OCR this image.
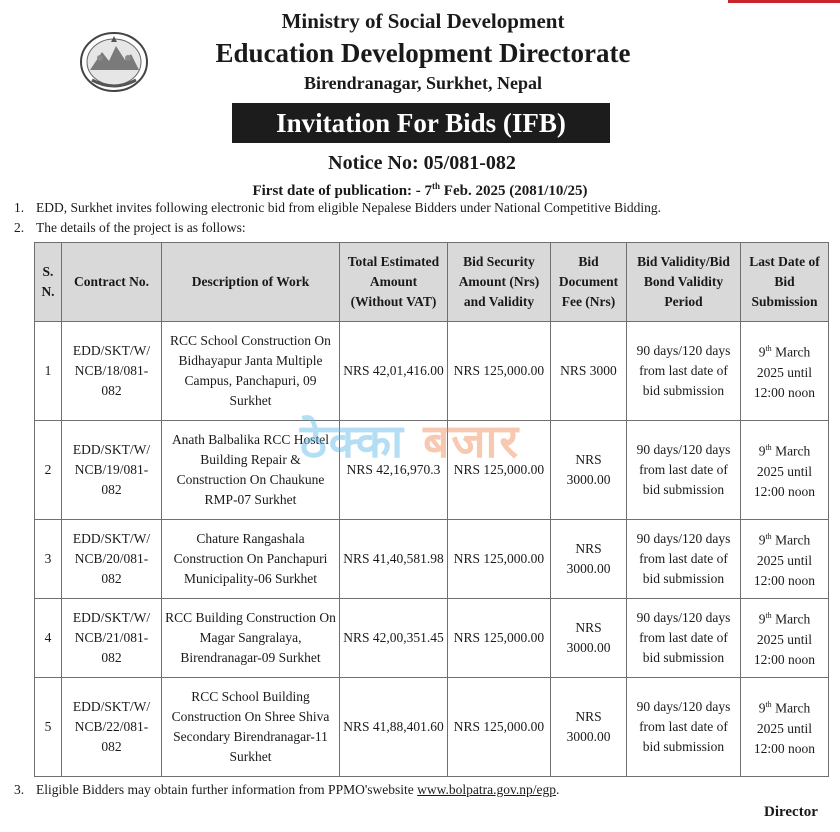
Ministry of Social Development
Education Development Directorate
Birendranagar, Surkhet, Nepal
Invitation For Bids (IFB)
Notice No: 05/081-082
First date of publication: - 7th Feb. 2025 (2081/10/25)
1. EDD, Surkhet invites following electronic bid from eligible Nepalese Bidders under National Competitive Bidding.
2. The details of the project is as follows:
S. N.	Contract No.	Description of Work	Total Estimated Amount (Without VAT)	Bid Security Amount (Nrs) and Validity	Bid Document Fee (Nrs)	Bid Validity/Bid Bond Validity Period	Last Date of Bid Submission
1	EDD/SKT/W/ NCB/18/081-082	RCC School Construction On Bidhayapur Janta Multiple Campus, Panchapuri, 09 Surkhet	NRS 42,01,416.00	NRS 125,000.00	NRS 3000	90 days/120 days from last date of bid submission	9th March 2025 until 12:00 noon
2	EDD/SKT/W/ NCB/19/081-082	Anath Balbalika RCC Hostel Building Repair & Construction On Chaukune RMP-07 Surkhet	NRS 42,16,970.3	NRS 125,000.00	NRS 3000.00	90 days/120 days from last date of bid submission	9th March 2025 until 12:00 noon
3	EDD/SKT/W/ NCB/20/081-082	Chature Rangashala Construction On Panchapuri Municipality-06 Surkhet	NRS 41,40,581.98	NRS 125,000.00	NRS 3000.00	90 days/120 days from last date of bid submission	9th March 2025 until 12:00 noon
4	EDD/SKT/W/ NCB/21/081-082	RCC Building Construction On Magar Sangralaya, Birendranagar-09 Surkhet	NRS 42,00,351.45	NRS 125,000.00	NRS 3000.00	90 days/120 days from last date of bid submission	9th March 2025 until 12:00 noon
5	EDD/SKT/W/ NCB/22/081-082	RCC School Building Construction On Shree Shiva Secondary Birendranagar-11 Surkhet	NRS 41,88,401.60	NRS 125,000.00	NRS 3000.00	90 days/120 days from last date of bid submission	9th March 2025 until 12:00 noon
ठेक्का बजार
3. Eligible Bidders may obtain further information from PPMO'swebsite www.bolpatra.gov.np/egp.
Director
